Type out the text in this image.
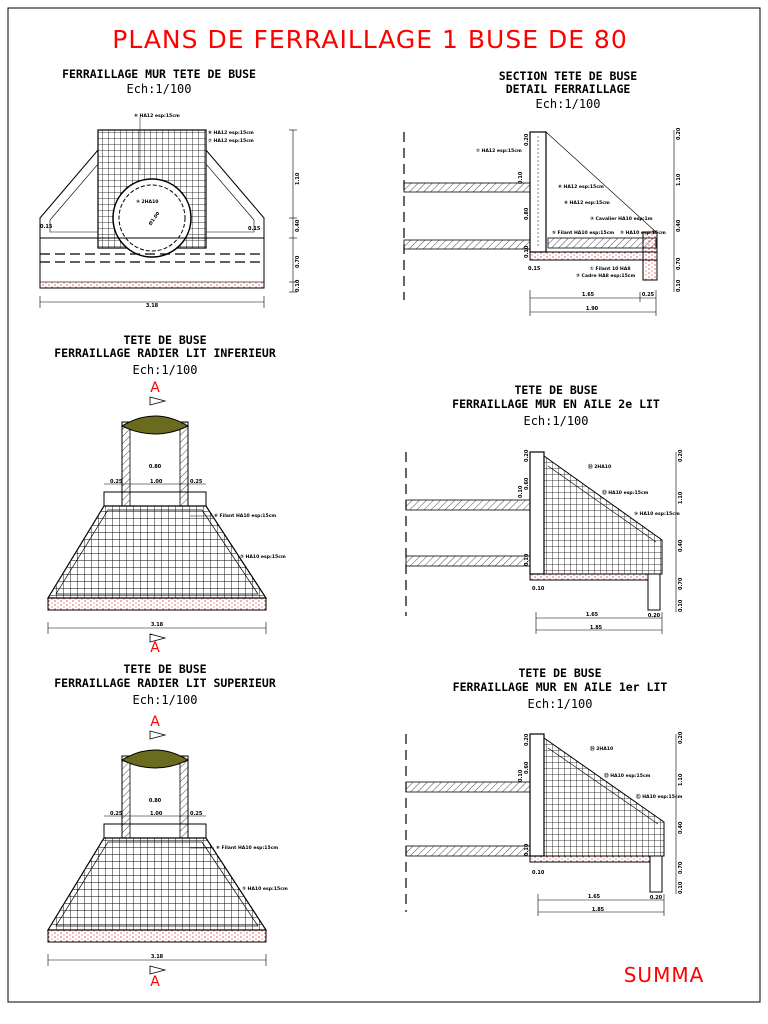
PLANS DE FERRAILLAGE 1 BUSE DE 80
FERRAILLAGE MUR TETE DE BUSE
Ech:1/100
Ø1.00
⑥ HA12 esp:15cm
⑧ HA12 esp:15cm
⑦ HA12 esp:15cm
⑨ 2HA10
0.15	0.15
1.10
0.40
0.70
0.10
3.18
SECTION TETE DE BUSE
DETAIL FERRAILLAGE
Ech:1/100
⑦ HA12 esp:15cm
⑥ HA12 esp:15cm
⑧ HA12 esp:15cm
③ Cavalier HA10 esp:1m
⑤ Filant HA10 esp:15cm ② HA10 esp:15cm
① Filant 10 HA8
② Cadre HA8 esp:15cm
0.20
0.10
0.80
0.10
0.15
0.20
1.10
0.40
0.70
0.10
1.65	0.25
1.90
TETE DE BUSE
FERRAILLAGE RADIER LIT INFERIEUR
Ech:1/100
A
0.80
0.25	1.00	0.25
⑥ Filant HA10 esp:15cm
② HA10 esp:15cm
3.18
A
TETE DE BUSE
FERRAILLAGE RADIER LIT SUPERIEUR
Ech:1/100
A
0.80
0.25	1.00	0.25
⑥ Filant HA10 esp:15cm
② HA10 esp:15cm
3.18
A
TETE DE BUSE
FERRAILLAGE MUR EN AILE 2e LIT
Ech:1/100
⑭ 2HA10
⑬ HA10 esp:15cm
⑩ HA10 esp:15cm
0.20
0.60
0.10
0.10
0.10
0.20
1.10
0.40
0.70
0.10
1.65	0.20
1.85
TETE DE BUSE
FERRAILLAGE MUR EN AILE 1er LIT
Ech:1/100
⑭ 2HA10
⑬ HA10 esp:15cm
⑪ HA10 esp:15cm
0.20
0.60
0.10
0.10
0.10
0.20
1.10
0.40
0.70
0.10
1.65	0.20
1.85
SUMMA
